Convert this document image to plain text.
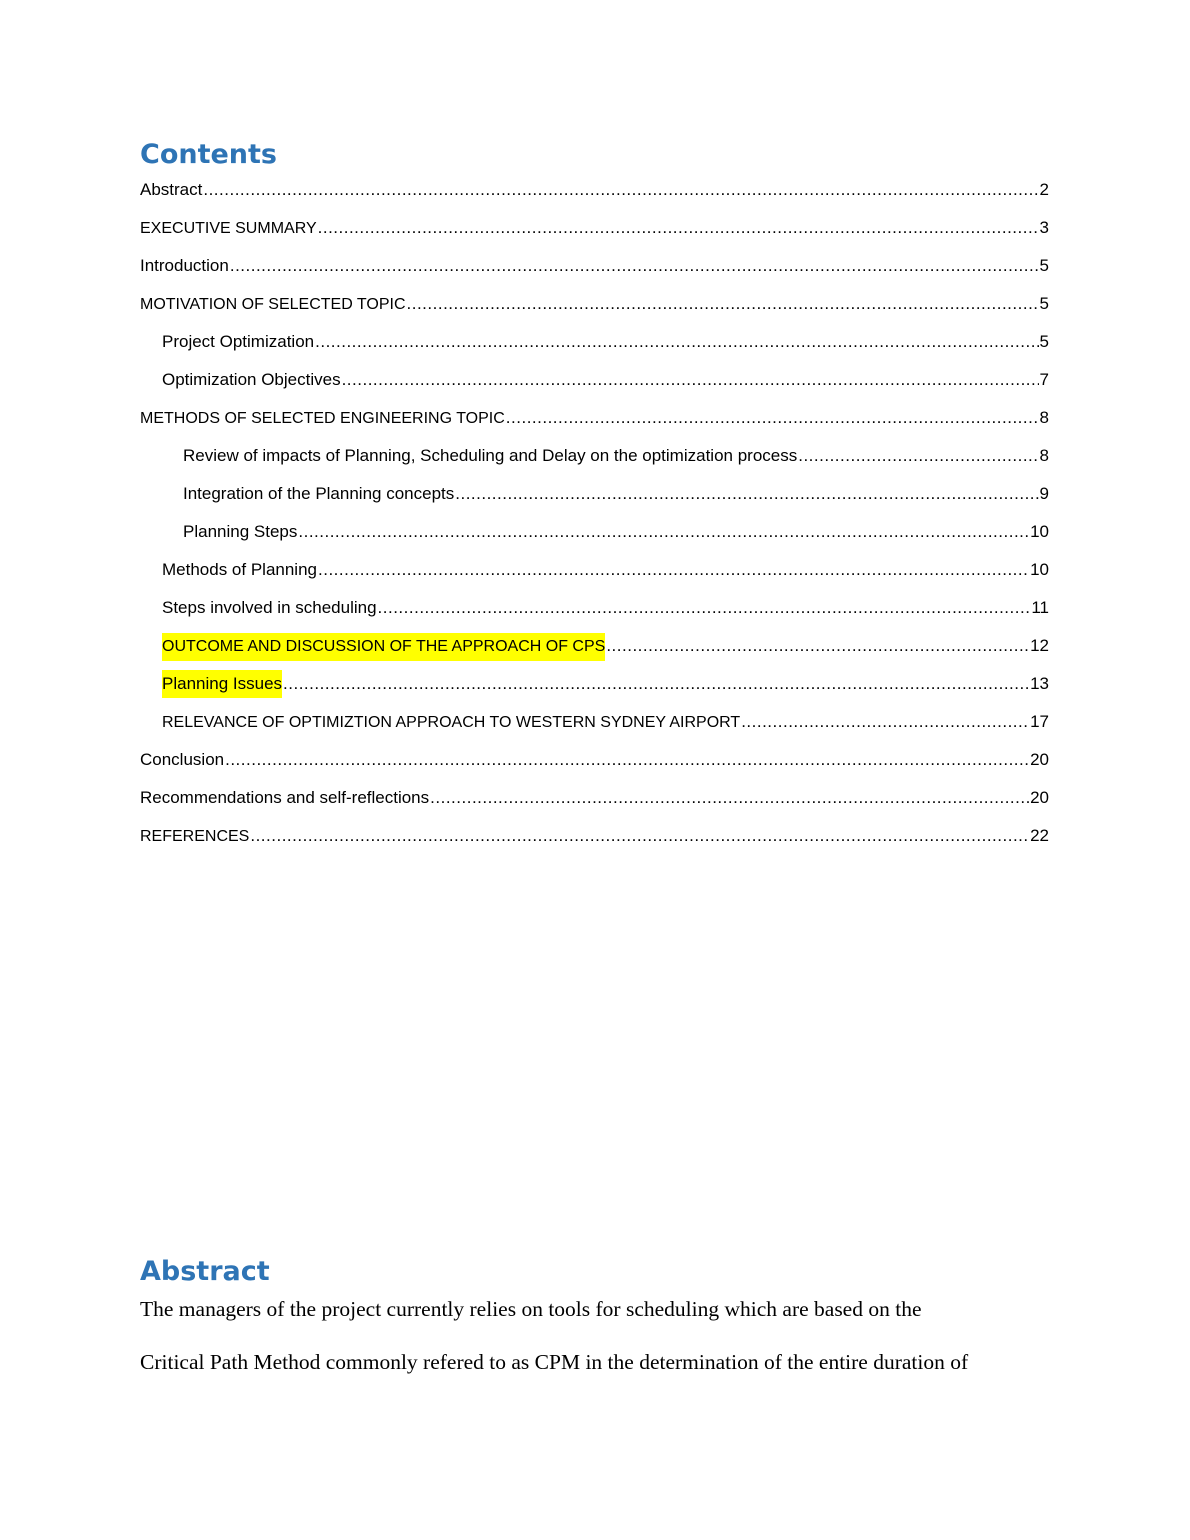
Contents
Abstract .....	2
EXECUTIVE SUMMARY .....	3
Introduction .....	5
MOTIVATION OF SELECTED TOPIC .....	5
Project Optimization .....	5
Optimization Objectives .....	7
METHODS OF SELECTED ENGINEERING TOPIC .....	8
Review of impacts of Planning, Scheduling and Delay on the optimization process .....	8
Integration of the Planning concepts .....	9
Planning Steps .....	10
Methods of Planning .....	10
Steps involved in scheduling .....	11
OUTCOME AND DISCUSSION OF THE APPROACH OF CPS .....	12
Planning Issues .....	13
RELEVANCE OF OPTIMIZTION APPROACH TO WESTERN SYDNEY AIRPORT .....	17
Conclusion .....	20
Recommendations and self-reflections .....	20
REFERENCES .....	22
Abstract

The managers of the project currently relies on tools for scheduling which are based on the
Critical Path Method commonly refered to as CPM in the determination of the entire duration of
